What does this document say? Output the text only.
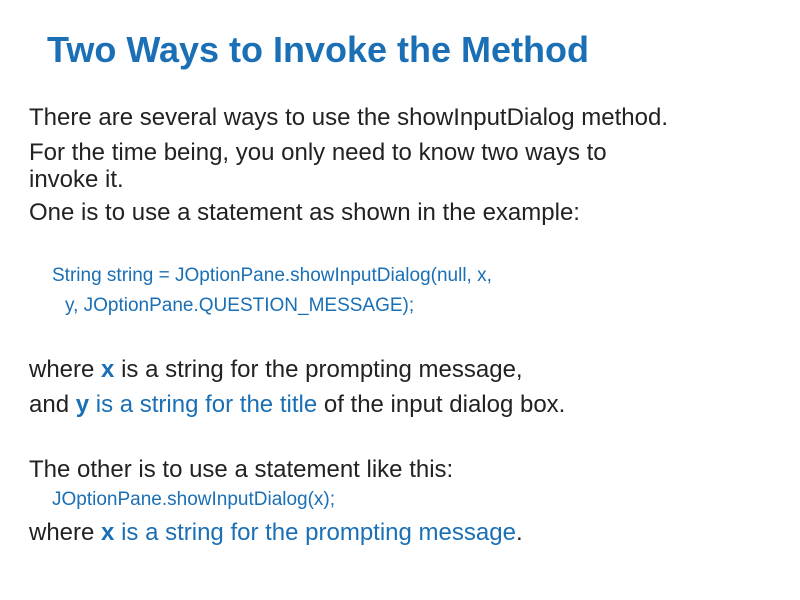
Two Ways to Invoke the Method

There are several ways to use the showInputDialog method.

For the time being, you only need to know two ways to

invoke it.

One is to use a statement as shown in the example:

String string = JOptionPane.showInputDialog(null, x,

y, JOptionPane.QUESTION_MESSAGE);

where x is a string for the prompting message,

and y is a string for the title of the input dialog box.

The other is to use a statement like this:

JOptionPane.showInputDialog(x);

where x is a string for the prompting message.
